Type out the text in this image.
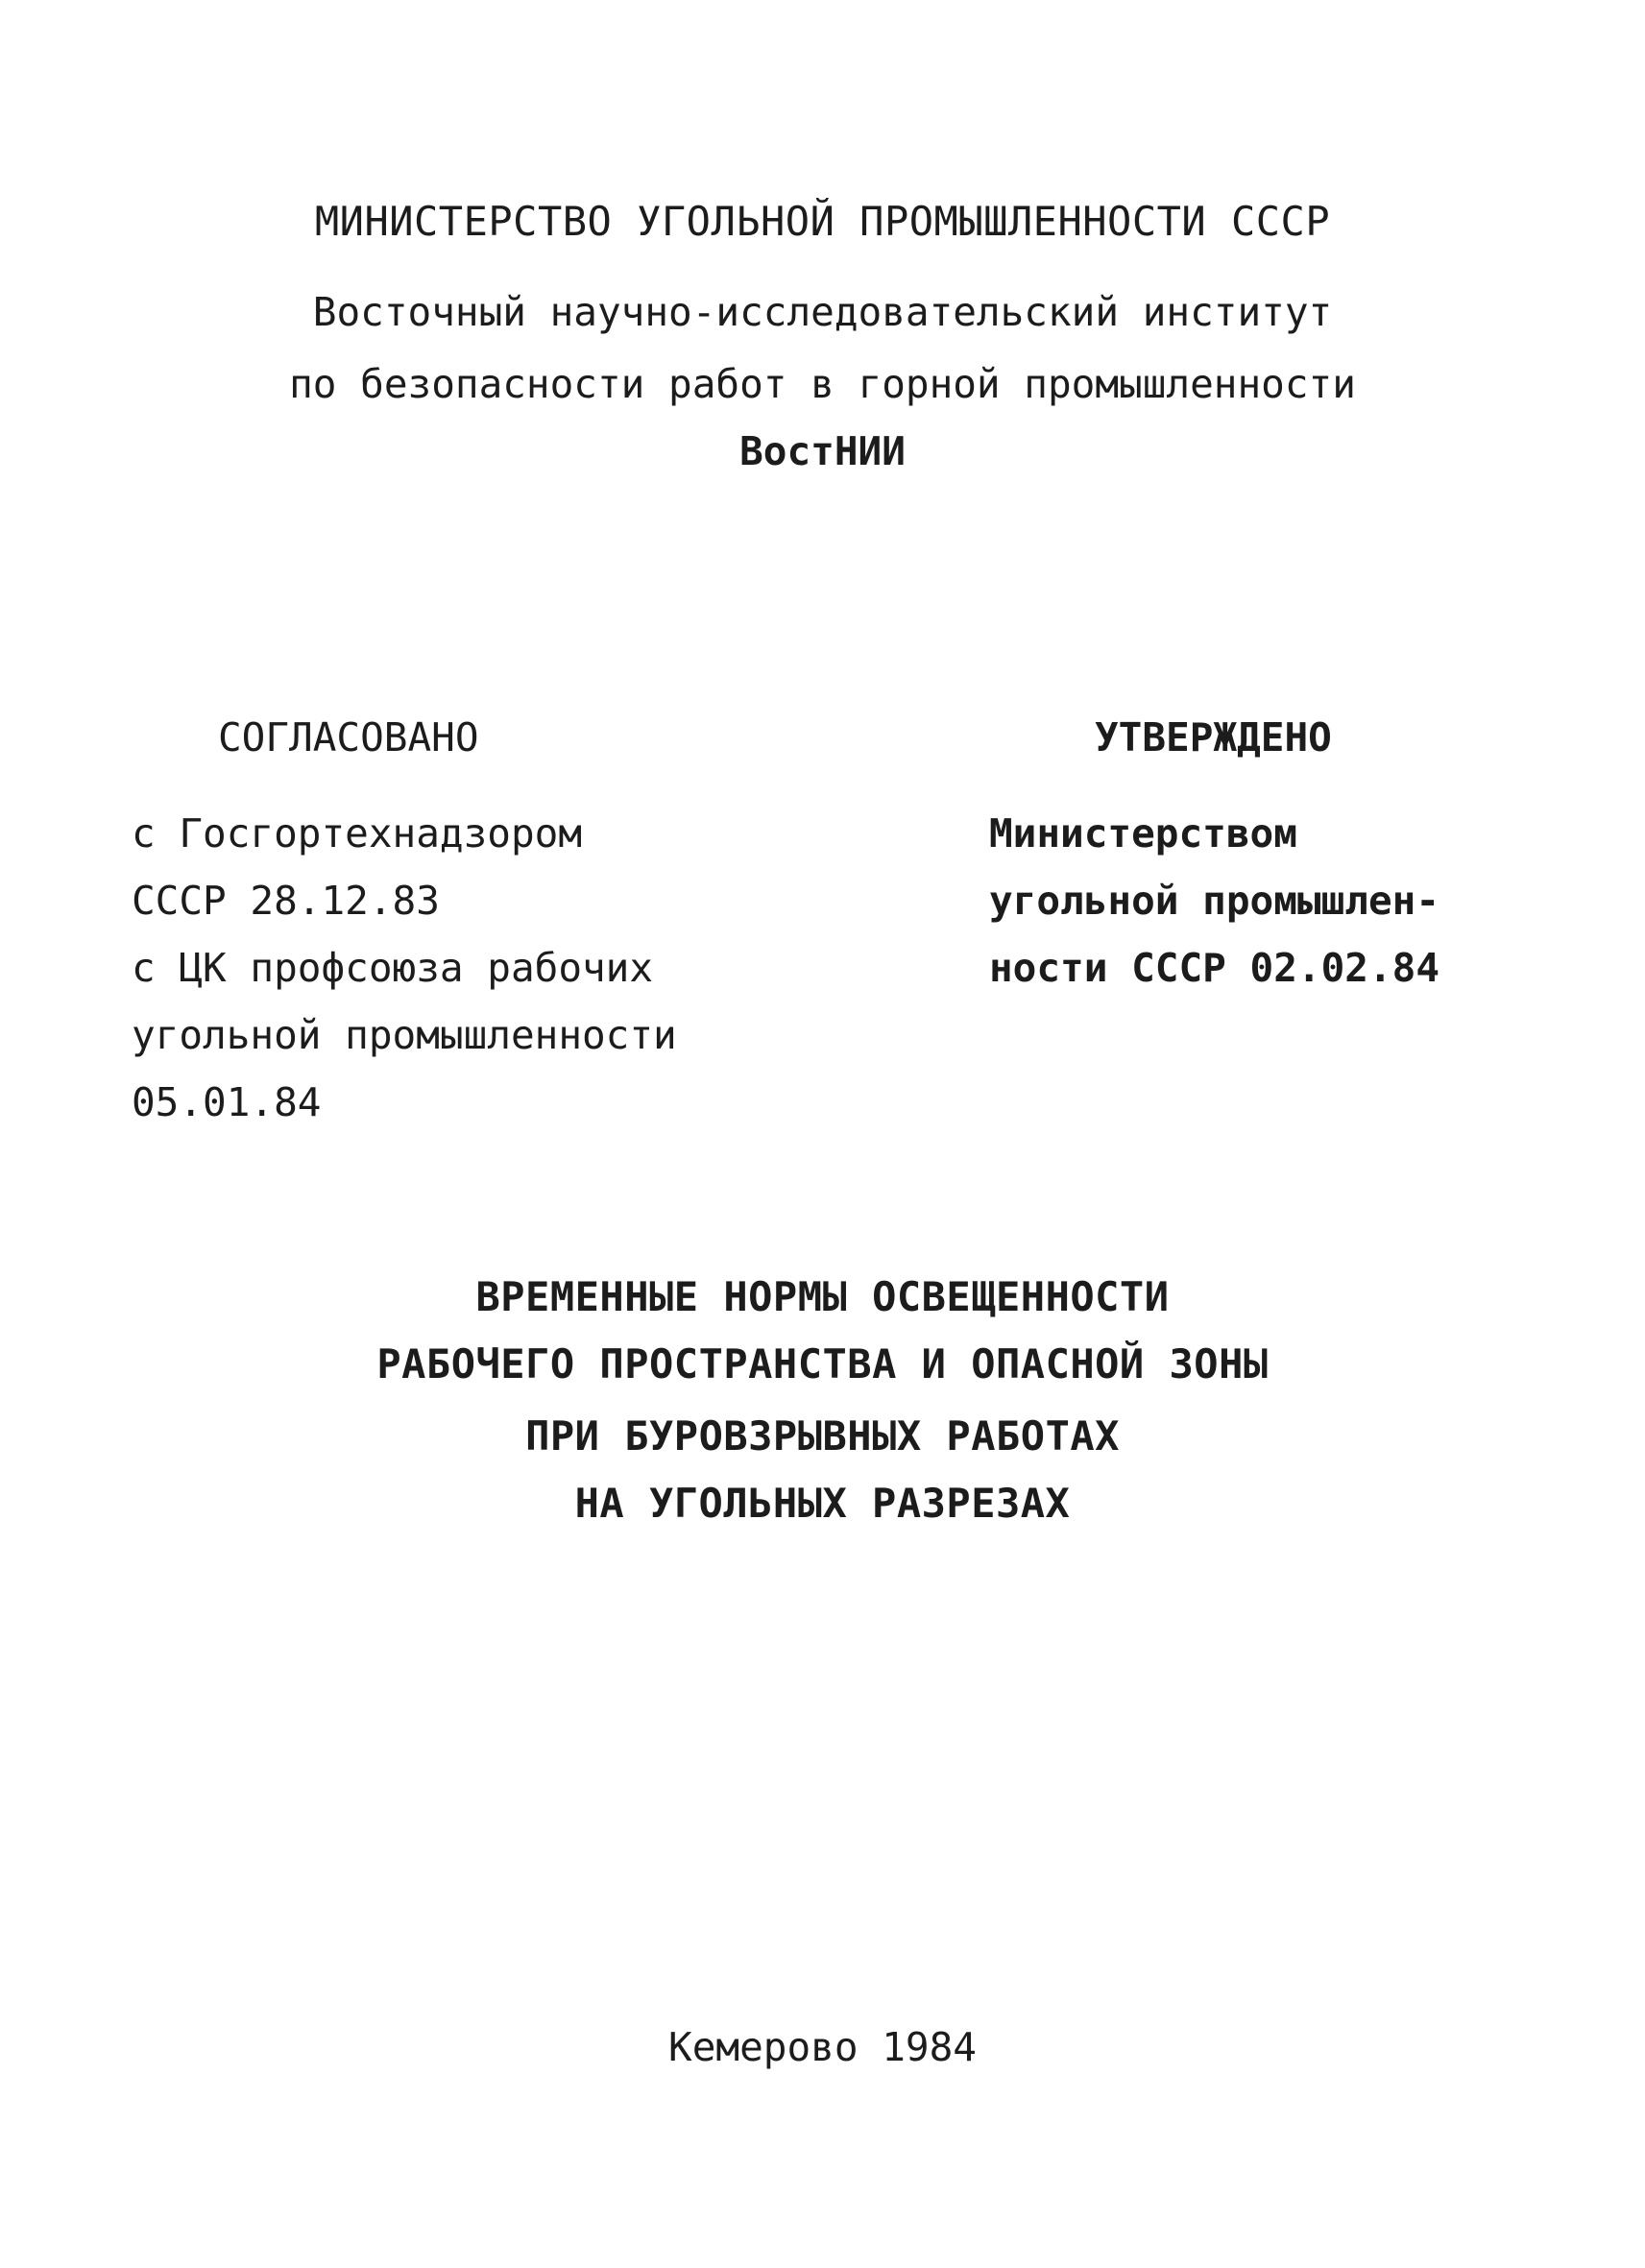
МИНИСТЕРСТВО УГОЛЬНОЙ ПРОМЫШЛЕННОСТИ СССР
Восточный научно-исследовательский институт
по безопасности работ в горной промышленности
ВостНИИ
СОГЛАСОВАНО	УТВЕРЖДЕНО
с Госгортехнадзором
СССР 28.12.83
с ЦК профсоюза рабочих
угольной промышленности
05.01.84
Министерством
угольной промышлен-
ности СССР 02.02.84
ВРЕМЕННЫЕ НОРМЫ ОСВЕЩЕННОСТИ
РАБОЧЕГО ПРОСТРАНСТВА И ОПАСНОЙ ЗОНЫ
ПРИ БУРОВЗРЫВНЫХ РАБОТАХ
НА УГОЛЬНЫХ РАЗРЕЗАХ
Кемерово 1984
